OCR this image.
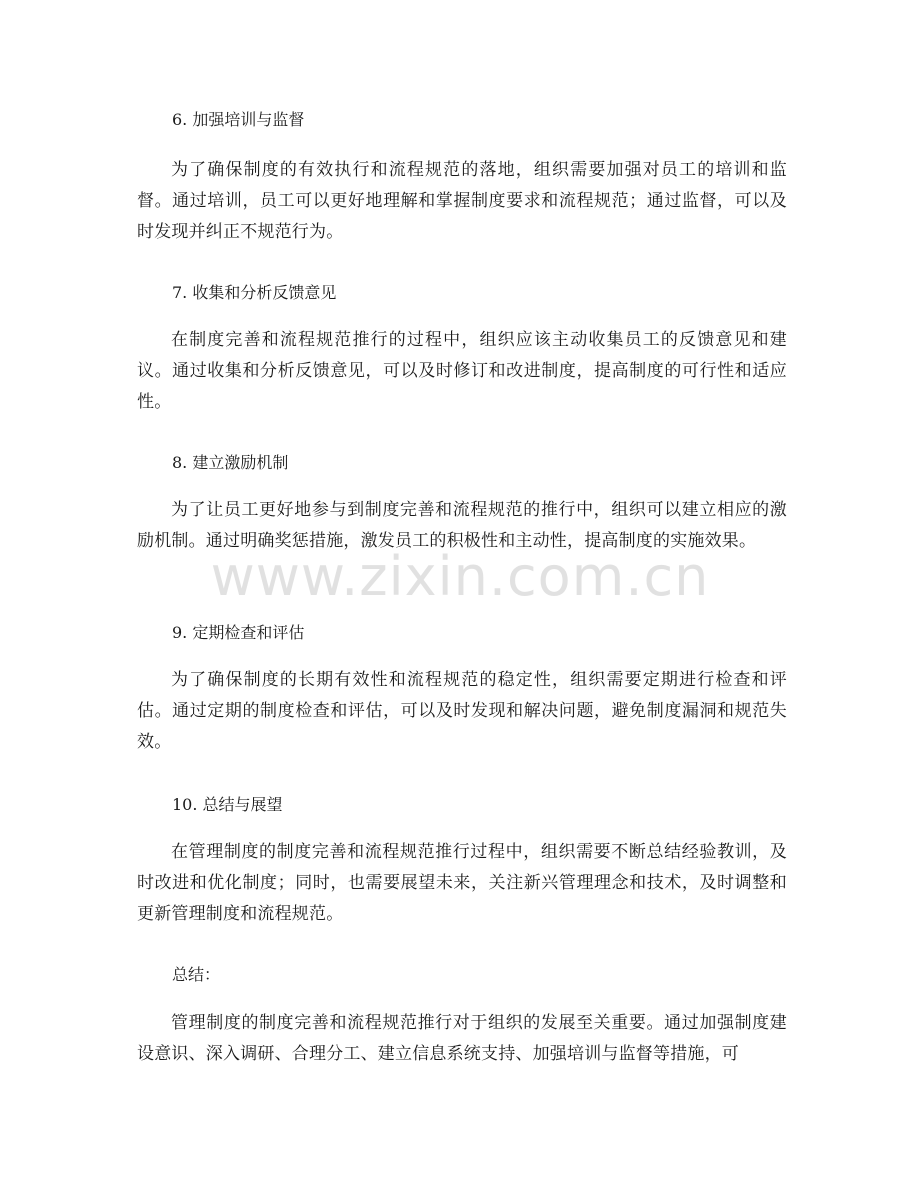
6. 加强培训与监督

为了确保制度的有效执行和流程规范的落地，组织需要加强对员工的培训和监督。通过培训，员工可以更好地理解和掌握制度要求和流程规范；通过监督，可以及时发现并纠正不规范行为。

7. 收集和分析反馈意见

在制度完善和流程规范推行的过程中，组织应该主动收集员工的反馈意见和建议。通过收集和分析反馈意见，可以及时修订和改进制度，提高制度的可行性和适应性。

8. 建立激励机制

为了让员工更好地参与到制度完善和流程规范的推行中，组织可以建立相应的激励机制。通过明确奖惩措施，激发员工的积极性和主动性，提高制度的实施效果。

9. 定期检查和评估

为了确保制度的长期有效性和流程规范的稳定性，组织需要定期进行检查和评估。通过定期的制度检查和评估，可以及时发现和解决问题，避免制度漏洞和规范失效。

10. 总结与展望

在管理制度的制度完善和流程规范推行过程中，组织需要不断总结经验教训，及时改进和优化制度；同时，也需要展望未来，关注新兴管理理念和技术，及时调整和更新管理制度和流程规范。

总结：

管理制度的制度完善和流程规范推行对于组织的发展至关重要。通过加强制度建设意识、深入调研、合理分工、建立信息系统支持、加强培训与监督等措施，可

www.zixin.com.cn
